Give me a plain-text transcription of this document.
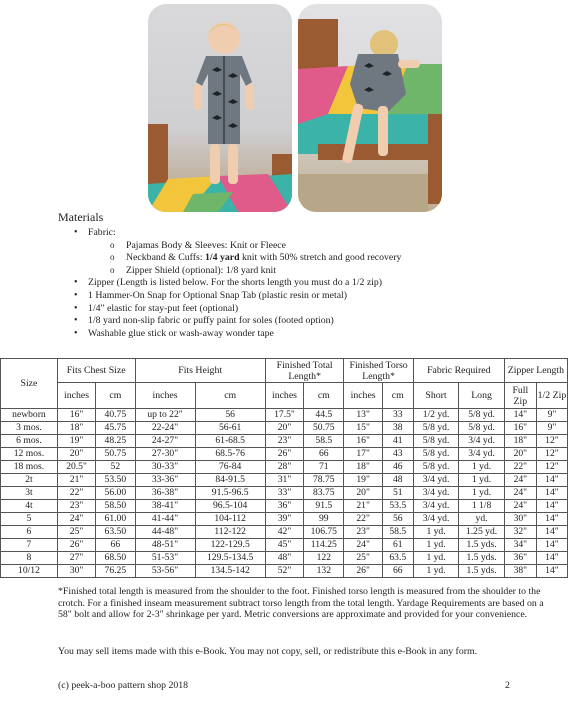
Materials
• Fabric:
o Pajamas Body & Sleeves: Knit or Fleece
o Neckband & Cuffs: 1/4 yard knit with 50% stretch and good recovery
o Zipper Shield (optional): 1/8 yard knit
• Zipper (Length is listed below. For the shorts length you must do a 1/2 zip)
• 1 Hammer-On Snap for Optional Snap Tab (plastic resin or metal)
• 1/4" elastic for stay-put feet (optional)
• 1/8 yard non-slip fabric or puffy paint for soles (footed option)
• Washable glue stick or wash-away wonder tape
Size	Fits Chest Size		Fits Height		Finished Total Length*		Finished Torso Length*		Fabric Required		Zipper Length	
	inches	cm	inches	cm	inches	cm	inches	cm	Short	Long	Full Zip	1/2 Zip
newborn	16"	40.75	up to 22"	56	17.5"	44.5	13"	33	1/2 yd.	5/8 yd.	14"	9"
3 mos.	18"	45.75	22-24"	56-61	20"	50.75	15"	38	5/8 yd.	5/8 yd.	16"	9"
6 mos.	19"	48.25	24-27"	61-68.5	23"	58.5	16"	41	5/8 yd.	3/4 yd.	18"	12"
12 mos.	20"	50.75	27-30"	68.5-76	26"	66	17"	43	5/8 yd.	3/4 yd.	20"	12"
18 mos.	20.5"	52	30-33"	76-84	28"	71	18"	46	5/8 yd.	1 yd.	22"	12"
2t	21"	53.50	33-36"	84-91.5	31"	78.75	19"	48	3/4 yd.	1 yd.	24"	14"
3t	22"	56.00	36-38"	91.5-96.5	33"	83.75	20"	51	3/4 yd.	1 yd.	24"	14"
4t	23"	58.50	38-41"	96.5-104	36"	91.5	21"	53.5	3/4 yd.	1 1/8	24"	14"
5	24"	61.00	41-44"	104-112	39"	99	22"	56	3/4 yd.	yd.	30"	14"
6	25"	63.50	44-48"	112-122	42"	106.75	23"	58.5	1 yd.	1.25 yd.	32"	14"
7	26"	66	48-51"	122-129.5	45"	114.25	24"	61	1 yd.	1.5 yds.	34"	14"
8	27"	68.50	51-53"	129.5-134.5	48"	122	25"	63.5	1 yd.	1.5 yds.	36"	14"
10/12	30"	76.25	53-56"	134.5-142	52"	132	26"	66	1 yd.	1.5 yds.	38"	14"

*Finished total length is measured from the shoulder to the foot. Finished torso length is measured from the shoulder to the crotch. For a finished inseam measurement subtract torso length from the total length. Yardage Requirements are based on a 58" bolt and allow for 2-3" shrinkage per yard. Metric conversions are approximate and provided for your convenience.

You may sell items made with this e-Book. You may not copy, sell, or redistribute this e-Book in any form.

(c) peek-a-boo pattern shop 2018	2
